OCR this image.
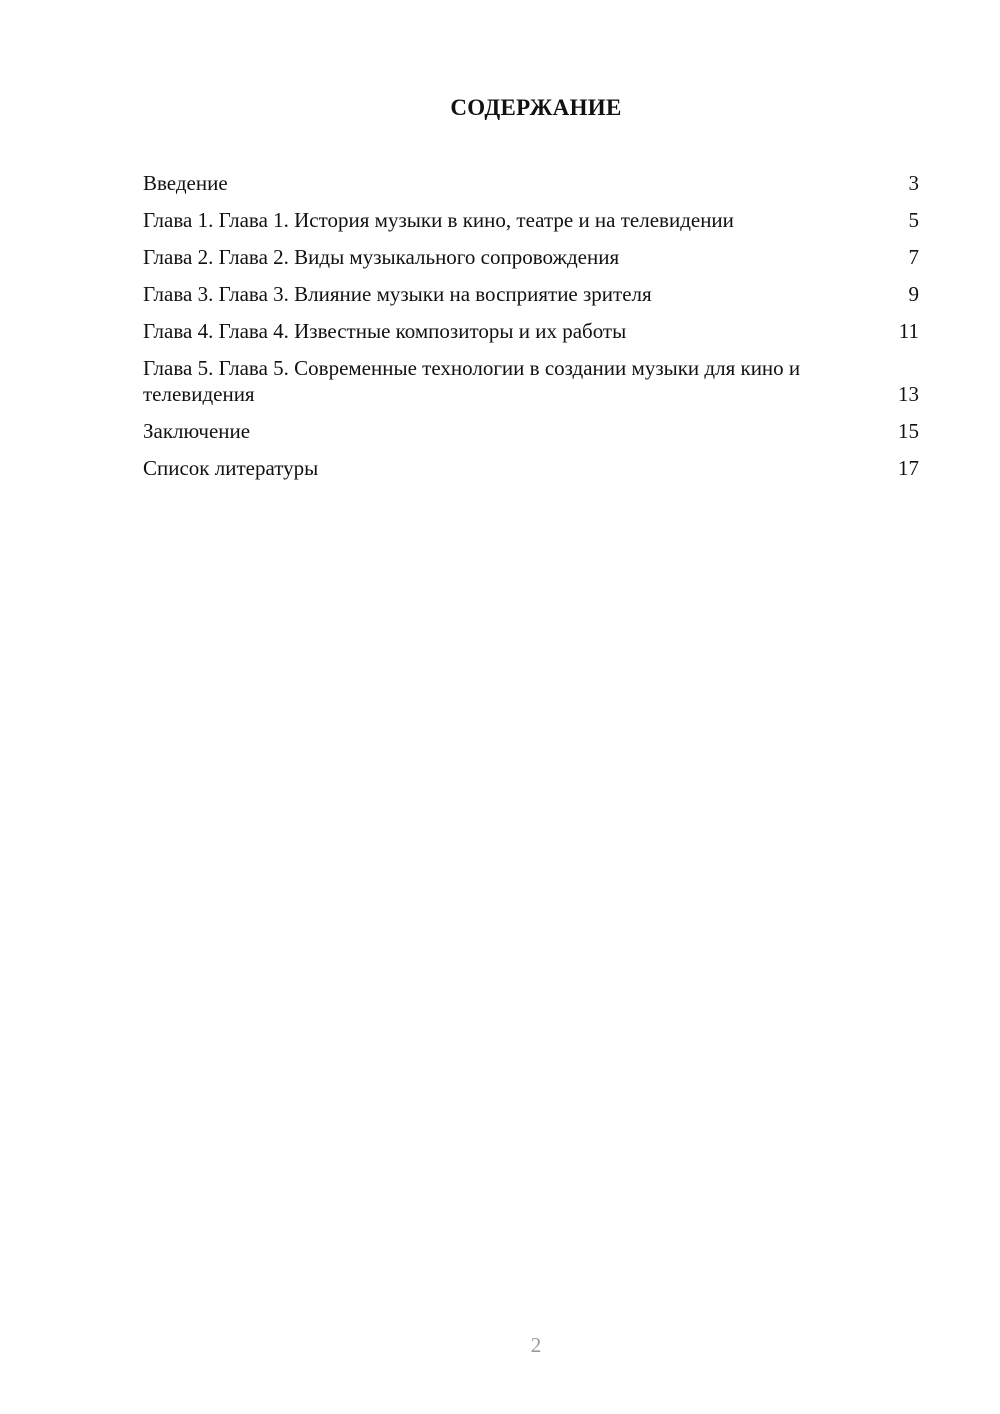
СОДЕРЖАНИЕ
Введение	3
Глава 1. Глава 1. История музыки в кино, театре и на телевидении	5
Глава 2. Глава 2. Виды музыкального сопровождения	7
Глава 3. Глава 3. Влияние музыки на восприятие зрителя	9
Глава 4. Глава 4. Известные композиторы и их работы	11
Глава 5. Глава 5. Современные технологии в создании музыки для кино и телевидения	13
Заключение	15
Список литературы	17
2
